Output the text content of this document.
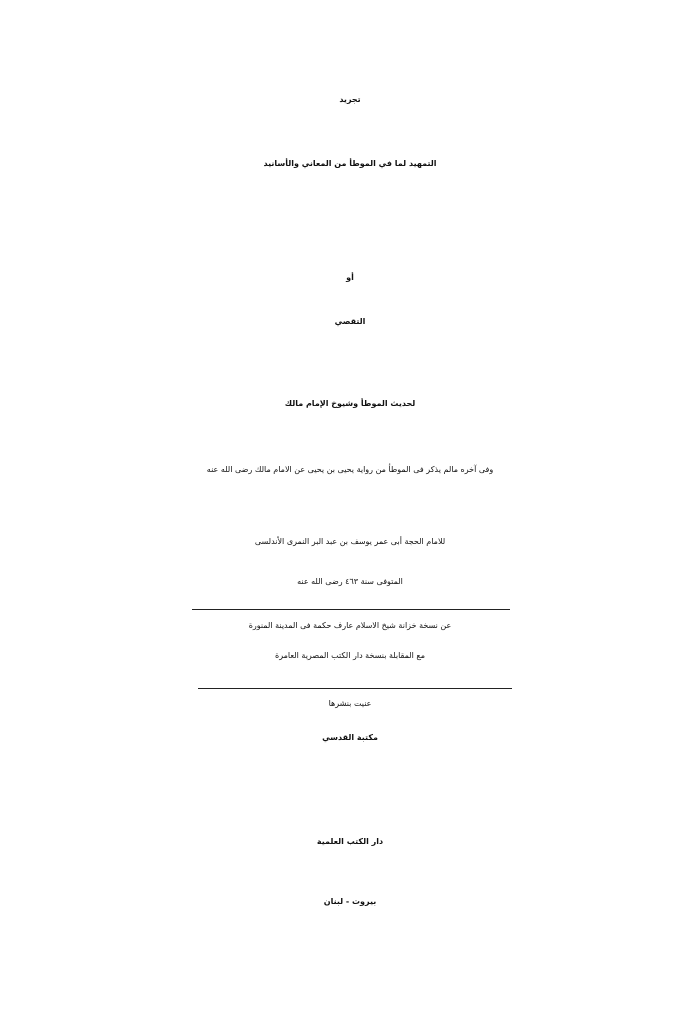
تجريد
التمهيد لما في الموطأ من المعاني والأسانيد
أو
التقصي
لحديث الموطأ وشيوخ الإمام مالك
وفى آخره مالم يذكر فى الموطأ من رواية يحيى بن يحيى عن الامام مالك رضى الله عنه
للامام الحجة أبى عمر يوسف بن عبد البر النمرى الأندلسى
المتوفى سنة ٤٦٣ رضى الله عنه
عن نسخة خزانة شيخ الاسلام عارف حكمة فى المدينة المنورة
مع المقابلة بنسخة دار الكتب المصرية العامرة
عنيت بنشرها
مكتبة القدسي
دار الكتب العلمية
بيروت - لبنان
